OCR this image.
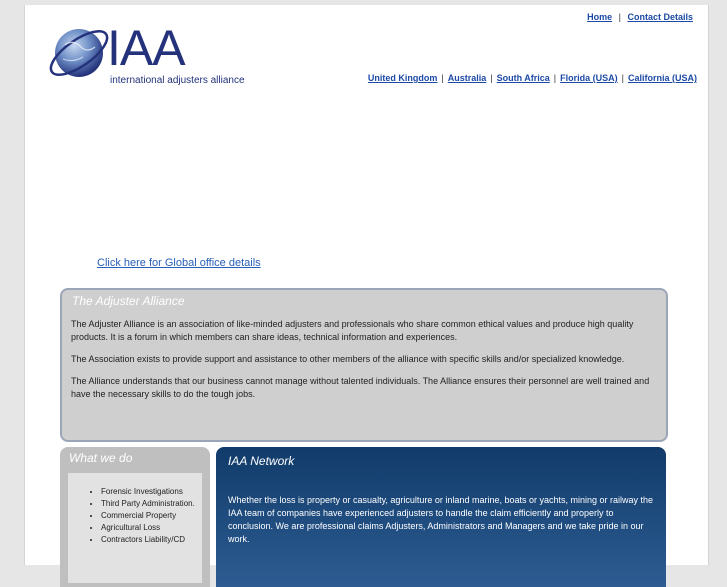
IAA
international adjusters alliance
Home | Contact Details
United Kingdom | Australia | South Africa | Florida (USA) | California (USA)
Click here for Global office details
The Adjuster Alliance

The Adjuster Alliance is an association of like-minded adjusters and professionals who share common ethical values and produce high quality products. It is a forum in which members can share ideas, technical information and experiences.

The Association exists to provide support and assistance to other members of the alliance with specific skills and/or specialized knowledge.

The Alliance understands that our business cannot manage without talented individuals. The Alliance ensures their personnel are well trained and have the necessary skills to do the tough jobs.

What we do
• Forensic Investigations
• Third Party Administration.
• Commercial Property
• Agricultural Loss
• Contractors Liability/CD
IAA Network
Whether the loss is property or casualty, agriculture or inland marine, boats or yachts, mining or railway the IAA team of companies have experienced adjusters to handle the claim efficiently and properly to conclusion. We are professional claims Adjusters, Administrators and Managers and we take pride in our work.
